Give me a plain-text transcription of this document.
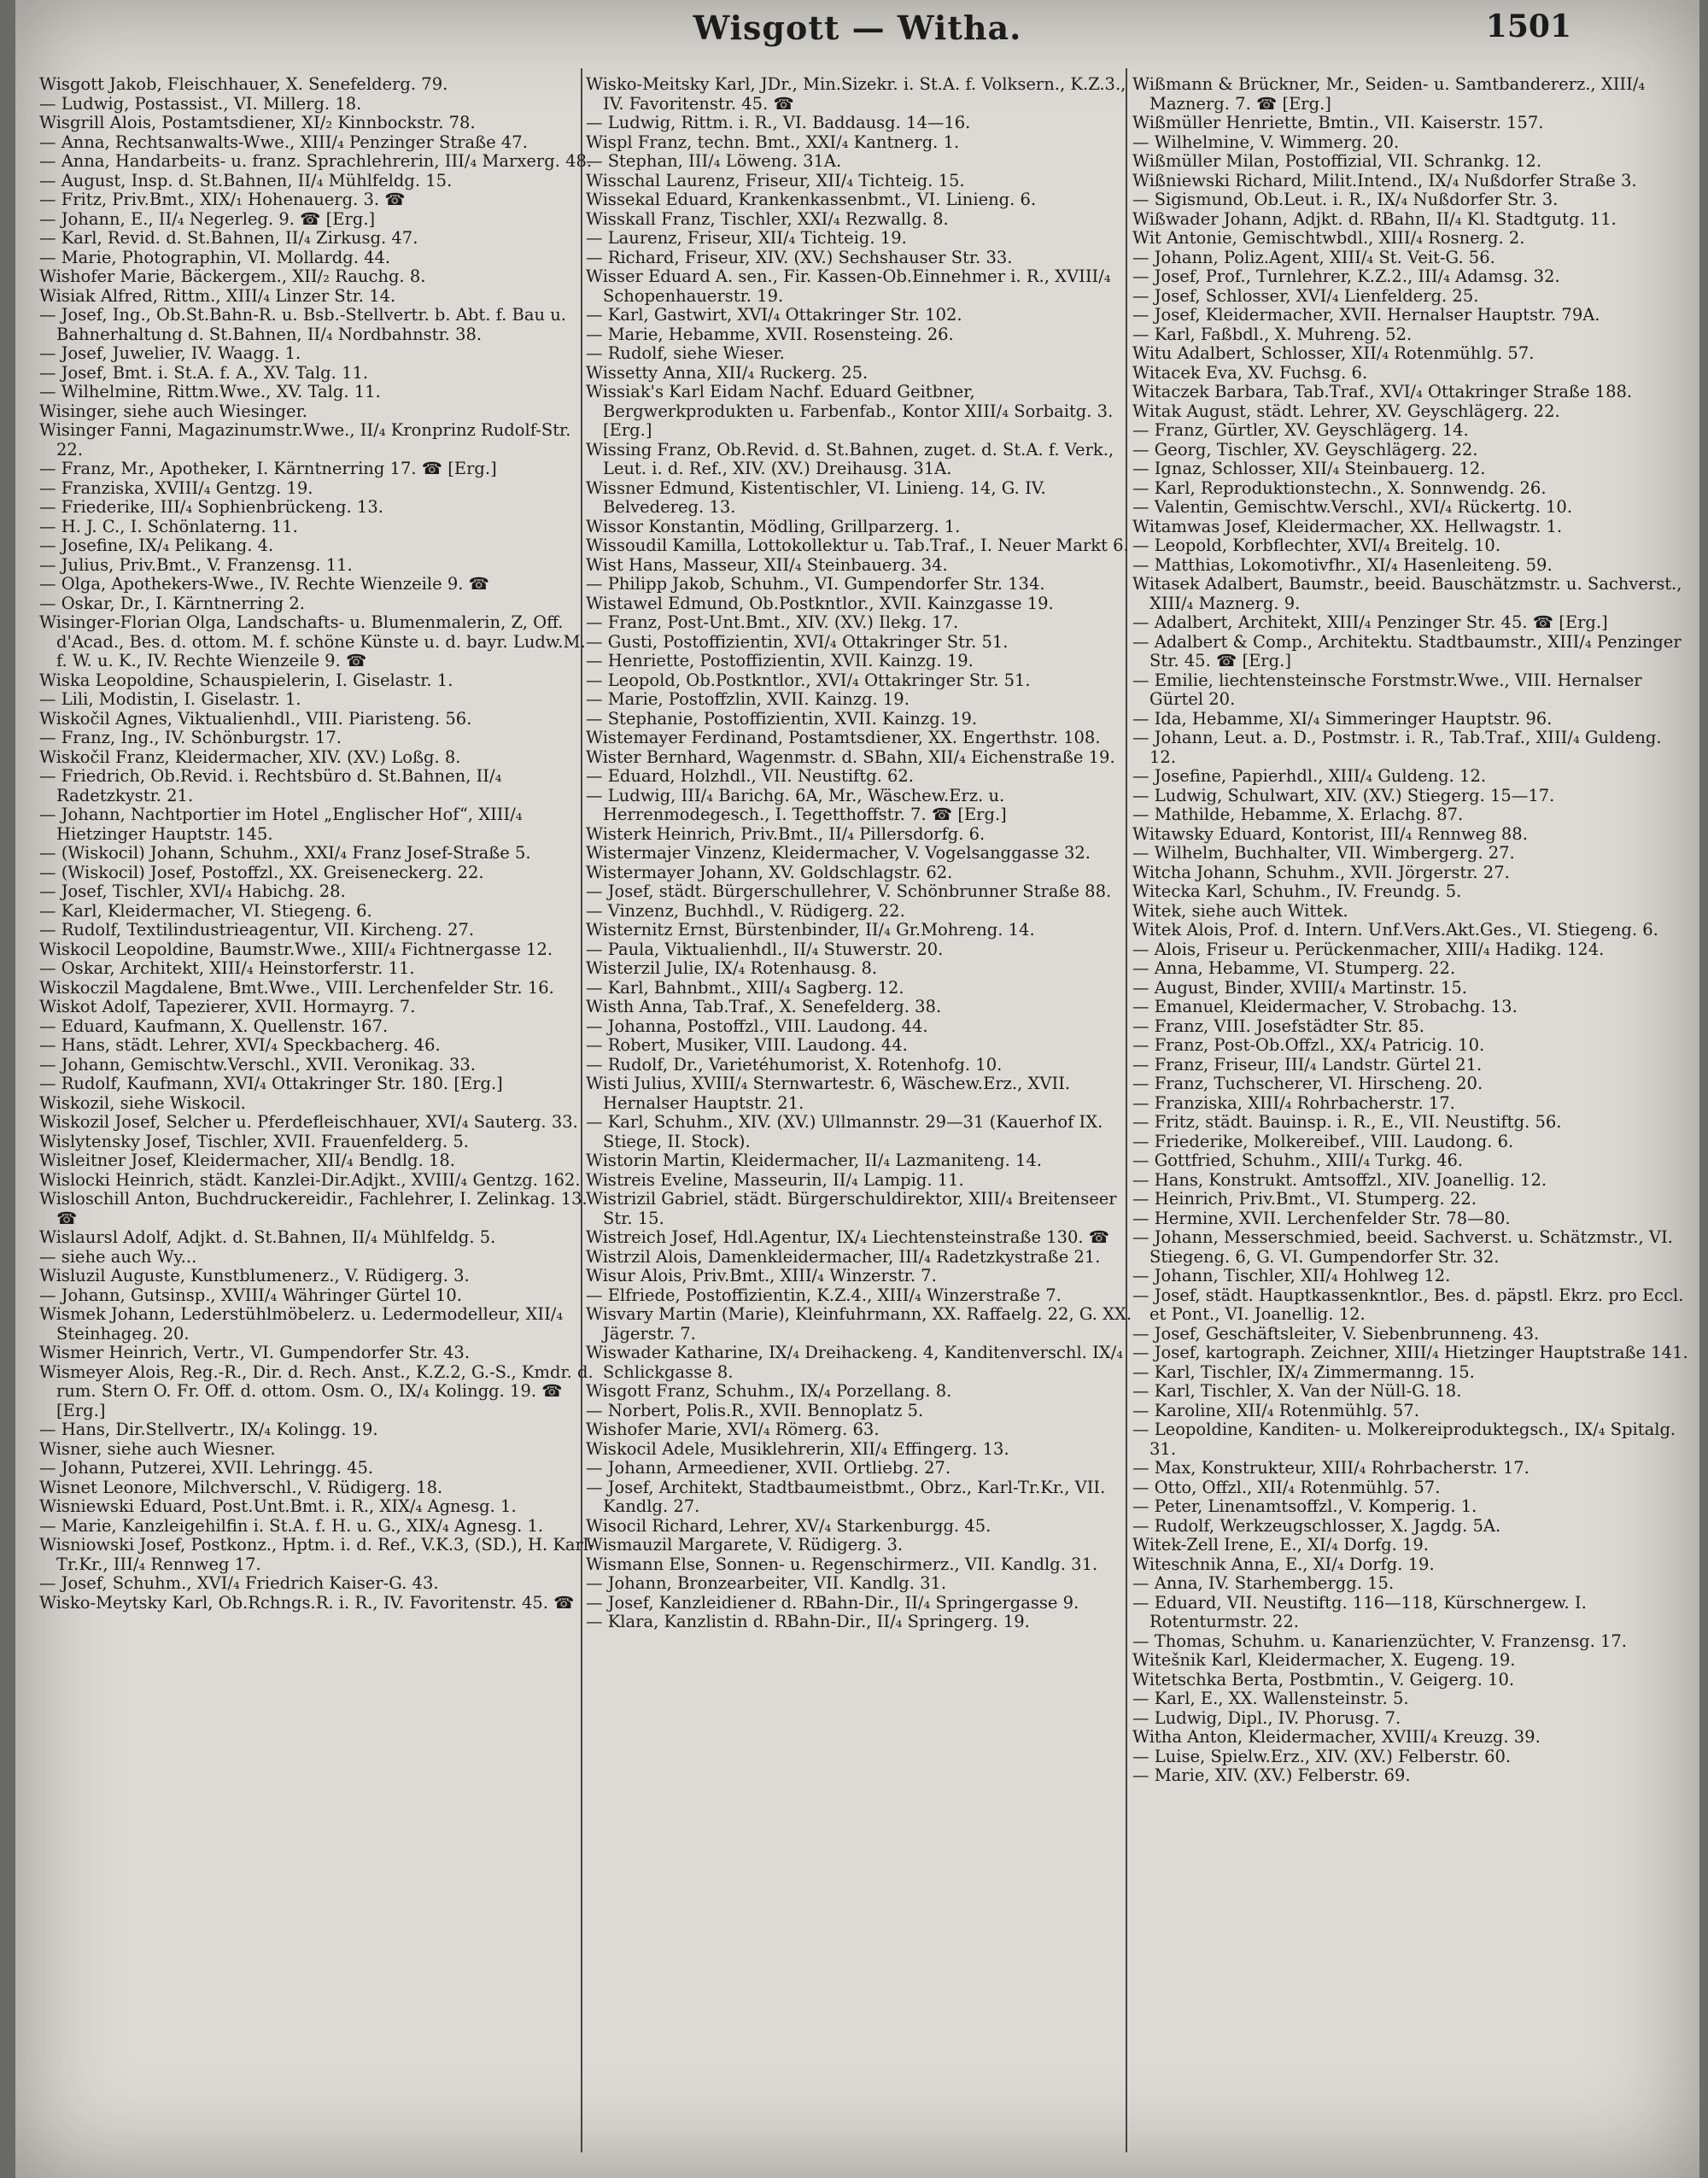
Wisgott — Witha.	1501

Wisgott Jakob, Fleischhauer, X. Senefelderg. 79.

— Ludwig, Postassist., VI. Millerg. 18.

Wisgrill Alois, Postamtsdiener, XI/₂ Kinnbockstr. 78.

— Anna, Rechtsanwalts-Wwe., XIII/₄ Penzinger Straße 47.

— Anna, Handarbeits- u. franz. Sprachlehrerin, III/₄ Marxerg. 48.

— August, Insp. d. St.Bahnen, II/₄ Mühlfeldg. 15.

— Fritz, Priv.Bmt., XIX/₁ Hohenauerg. 3. ☎

— Johann, E., II/₄ Negerleg. 9. ☎ [Erg.]

— Karl, Revid. d. St.Bahnen, II/₄ Zirkusg. 47.

— Marie, Photographin, VI. Mollardg. 44.

Wishofer Marie, Bäckergem., XII/₂ Rauchg. 8.

Wisiak Alfred, Rittm., XIII/₄ Linzer Str. 14.

— Josef, Ing., Ob.St.Bahn-R. u. Bsb.-Stellvertr. b. Abt. f. Bau u. Bahnerhaltung d. St.Bahnen, II/₄ Nordbahnstr. 38.

— Josef, Juwelier, IV. Waagg. 1.

— Josef, Bmt. i. St.A. f. A., XV. Talg. 11.

— Wilhelmine, Rittm.Wwe., XV. Talg. 11.

Wisinger, siehe auch Wiesinger.

Wisinger Fanni, Magazinumstr.Wwe., II/₄ Kronprinz Rudolf-Str. 22.

— Franz, Mr., Apotheker, I. Kärntnerring 17. ☎ [Erg.]

— Franziska, XVIII/₄ Gentzg. 19.

— Friederike, III/₄ Sophienbrückeng. 13.

— H. J. C., I. Schönlaterng. 11.

— Josefine, IX/₄ Pelikang. 4.

— Julius, Priv.Bmt., V. Franzensg. 11.

— Olga, Apothekers-Wwe., IV. Rechte Wienzeile 9. ☎

— Oskar, Dr., I. Kärntnerring 2.

Wisinger-Florian Olga, Landschafts- u. Blumenmalerin, Z, Off. d'Acad., Bes. d. ottom. M. f. schöne Künste u. d. bayr. Ludw.M. f. W. u. K., IV. Rechte Wienzeile 9. ☎

Wiska Leopoldine, Schauspielerin, I. Giselastr. 1.

— Lili, Modistin, I. Giselastr. 1.

Wiskočil Agnes, Viktualienhdl., VIII. Piaristeng. 56.

— Franz, Ing., IV. Schönburgstr. 17.

Wiskočil Franz, Kleidermacher, XIV. (XV.) Loßg. 8.

— Friedrich, Ob.Revid. i. Rechtsbüro d. St.Bahnen, II/₄ Radetzkystr. 21.

— Johann, Nachtportier im Hotel „Englischer Hof“, XIII/₄ Hietzinger Hauptstr. 145.

— (Wiskocil) Johann, Schuhm., XXI/₄ Franz Josef-Straße 5.

— (Wiskocil) Josef, Postoffzl., XX. Greiseneckerg. 22.

— Josef, Tischler, XVI/₄ Habichg. 28.

— Karl, Kleidermacher, VI. Stiegeng. 6.

— Rudolf, Textilindustrieagentur, VII. Kircheng. 27.

Wiskocil Leopoldine, Baumstr.Wwe., XIII/₄ Fichtnergasse 12.

— Oskar, Architekt, XIII/₄ Heinstorferstr. 11.

Wiskoczil Magdalene, Bmt.Wwe., VIII. Lerchenfelder Str. 16.

Wiskot Adolf, Tapezierer, XVII. Hormayrg. 7.

— Eduard, Kaufmann, X. Quellenstr. 167.

— Hans, städt. Lehrer, XVI/₄ Speckbacherg. 46.

— Johann, Gemischtw.Verschl., XVII. Veronikag. 33.

— Rudolf, Kaufmann, XVI/₄ Ottakringer Str. 180. [Erg.]

Wiskozil, siehe Wiskocil.

Wiskozil Josef, Selcher u. Pferdefleischhauer, XVI/₄ Sauterg. 33.

Wislytensky Josef, Tischler, XVII. Frauenfelderg. 5.

Wisleitner Josef, Kleidermacher, XII/₄ Bendlg. 18.

Wislocki Heinrich, städt. Kanzlei-Dir.Adjkt., XVIII/₄ Gentzg. 162.

Wisloschill Anton, Buchdruckereidir., Fachlehrer, I. Zelinkag. 13. ☎

Wislaursl Adolf, Adjkt. d. St.Bahnen, II/₄ Mühlfeldg. 5.

— siehe auch Wy...

Wisluzil Auguste, Kunstblumenerz., V. Rüdigerg. 3.

— Johann, Gutsinsp., XVIII/₄ Währinger Gürtel 10.

Wismek Johann, Lederstühlmöbelerz. u. Ledermodelleur, XII/₄ Steinhageg. 20.

Wismer Heinrich, Vertr., VI. Gumpendorfer Str. 43.

Wismeyer Alois, Reg.-R., Dir. d. Rech. Anst., K.Z.2, G.-S., Kmdr. d. rum. Stern O. Fr. Off. d. ottom. Osm. O., IX/₄ Kolingg. 19. ☎ [Erg.]

— Hans, Dir.Stellvertr., IX/₄ Kolingg. 19.

Wisner, siehe auch Wiesner.

— Johann, Putzerei, XVII. Lehringg. 45.

Wisnet Leonore, Milchverschl., V. Rüdigerg. 18.

Wisniewski Eduard, Post.Unt.Bmt. i. R., XIX/₄ Agnesg. 1.

— Marie, Kanzleigehilfin i. St.A. f. H. u. G., XIX/₄ Agnesg. 1.

Wisniowski Josef, Postkonz., Hptm. i. d. Ref., V.K.3, (SD.), H. Karl-Tr.Kr., III/₄ Rennweg 17.

— Josef, Schuhm., XVI/₄ Friedrich Kaiser-G. 43.

Wisko-Meytsky Karl, Ob.Rchngs.R. i. R., IV. Favoritenstr. 45. ☎

Wisko-Meitsky Karl, JDr., Min.Sizekr. i. St.A. f. Volksern., K.Z.3., IV. Favoritenstr. 45. ☎

— Ludwig, Rittm. i. R., VI. Baddausg. 14—16.

Wispl Franz, techn. Bmt., XXI/₄ Kantnerg. 1.

— Stephan, III/₄ Löweng. 31A.

Wisschal Laurenz, Friseur, XII/₄ Tichteig. 15.

Wissekal Eduard, Krankenkassenbmt., VI. Linieng. 6.

Wisskall Franz, Tischler, XXI/₄ Rezwallg. 8.

— Laurenz, Friseur, XII/₄ Tichteig. 19.

— Richard, Friseur, XIV. (XV.) Sechshauser Str. 33.

Wisser Eduard A. sen., Fir. Kassen-Ob.Einnehmer i. R., XVIII/₄ Schopenhauerstr. 19.

— Karl, Gastwirt, XVI/₄ Ottakringer Str. 102.

— Marie, Hebamme, XVII. Rosensteing. 26.

— Rudolf, siehe Wieser.

Wissetty Anna, XII/₄ Ruckerg. 25.

Wissiak's Karl Eidam Nachf. Eduard Geitbner, Bergwerkprodukten u. Farbenfab., Kontor XIII/₄ Sorbaitg. 3. [Erg.]

Wissing Franz, Ob.Revid. d. St.Bahnen, zuget. d. St.A. f. Verk., Leut. i. d. Ref., XIV. (XV.) Dreihausg. 31A.

Wissner Edmund, Kistentischler, VI. Linieng. 14, G. IV. Belvedereg. 13.

Wissor Konstantin, Mödling, Grillparzerg. 1.

Wissoudil Kamilla, Lottokollektur u. Tab.Traf., I. Neuer Markt 6.

Wist Hans, Masseur, XII/₄ Steinbauerg. 34.

— Philipp Jakob, Schuhm., VI. Gumpendorfer Str. 134.

Wistawel Edmund, Ob.Postkntlor., XVII. Kainzgasse 19.

— Franz, Post-Unt.Bmt., XIV. (XV.) Ilekg. 17.

— Gusti, Postoffizientin, XVI/₄ Ottakringer Str. 51.

— Henriette, Postoffizientin, XVII. Kainzg. 19.

— Leopold, Ob.Postkntlor., XVI/₄ Ottakringer Str. 51.

— Marie, Postoffzlin, XVII. Kainzg. 19.

— Stephanie, Postoffizientin, XVII. Kainzg. 19.

Wistemayer Ferdinand, Postamtsdiener, XX. Engerthstr. 108.

Wister Bernhard, Wagenmstr. d. SBahn, XII/₄ Eichenstraße 19.

— Eduard, Holzhdl., VII. Neustiftg. 62.

— Ludwig, III/₄ Barichg. 6A, Mr., Wäschew.Erz. u. Herrenmodegesch., I. Tegetthoffstr. 7. ☎ [Erg.]

Wisterk Heinrich, Priv.Bmt., II/₄ Pillersdorfg. 6.

Wistermajer Vinzenz, Kleidermacher, V. Vogelsanggasse 32.

Wistermayer Johann, XV. Goldschlagstr. 62.

— Josef, städt. Bürgerschullehrer, V. Schönbrunner Straße 88.

— Vinzenz, Buchhdl., V. Rüdigerg. 22.

Wisternitz Ernst, Bürstenbinder, II/₄ Gr.Mohreng. 14.

— Paula, Viktualienhdl., II/₄ Stuwerstr. 20.

Wisterzil Julie, IX/₄ Rotenhausg. 8.

— Karl, Bahnbmt., XIII/₄ Sagberg. 12.

Wisth Anna, Tab.Traf., X. Senefelderg. 38.

— Johanna, Postoffzl., VIII. Laudong. 44.

— Robert, Musiker, VIII. Laudong. 44.

— Rudolf, Dr., Varietéhumorist, X. Rotenhofg. 10.

Wisti Julius, XVIII/₄ Sternwartestr. 6, Wäschew.Erz., XVII. Hernalser Hauptstr. 21.

— Karl, Schuhm., XIV. (XV.) Ullmannstr. 29—31 (Kauerhof IX. Stiege, II. Stock).

Wistorin Martin, Kleidermacher, II/₄ Lazmaniteng. 14.

Wistreis Eveline, Masseurin, II/₄ Lampig. 11.

Wistrizil Gabriel, städt. Bürgerschuldirektor, XIII/₄ Breitenseer Str. 15.

Wistreich Josef, Hdl.Agentur, IX/₄ Liechtensteinstraße 130. ☎

Wistrzil Alois, Damenkleidermacher, III/₄ Radetzkystraße 21.

Wisur Alois, Priv.Bmt., XIII/₄ Winzerstr. 7.

— Elfriede, Postoffizientin, K.Z.4., XIII/₄ Winzerstraße 7.

Wisvary Martin (Marie), Kleinfuhrmann, XX. Raffaelg. 22, G. XX. Jägerstr. 7.

Wiswader Katharine, IX/₄ Dreihackeng. 4, Kanditenverschl. IX/₄ Schlickgasse 8.

Wisgott Franz, Schuhm., IX/₄ Porzellang. 8.

— Norbert, Polis.R., XVII. Bennoplatz 5.

Wishofer Marie, XVI/₄ Römerg. 63.

Wiskocil Adele, Musiklehrerin, XII/₄ Effingerg. 13.

— Johann, Armeediener, XVII. Ortliebg. 27.

— Josef, Architekt, Stadtbaumeistbmt., Obrz., Karl-Tr.Kr., VII. Kandlg. 27.

Wisocil Richard, Lehrer, XV/₄ Starkenburgg. 45.

Wismauzil Margarete, V. Rüdigerg. 3.

Wismann Else, Sonnen- u. Regenschirmerz., VII. Kandlg. 31.

— Johann, Bronzearbeiter, VII. Kandlg. 31.

— Josef, Kanzleidiener d. RBahn-Dir., II/₄ Springergasse 9.

— Klara, Kanzlistin d. RBahn-Dir., II/₄ Springerg. 19.

Wißmann & Brückner, Mr., Seiden- u. Samtbandererz., XIII/₄ Maznerg. 7. ☎ [Erg.]

Wißmüller Henriette, Bmtin., VII. Kaiserstr. 157.

— Wilhelmine, V. Wimmerg. 20.

Wißmüller Milan, Postoffizial, VII. Schrankg. 12.

Wißniewski Richard, Milit.Intend., IX/₄ Nußdorfer Straße 3.

— Sigismund, Ob.Leut. i. R., IX/₄ Nußdorfer Str. 3.

Wißwader Johann, Adjkt. d. RBahn, II/₄ Kl. Stadtgutg. 11.

Wit Antonie, Gemischtwbdl., XIII/₄ Rosnerg. 2.

— Johann, Poliz.Agent, XIII/₄ St. Veit-G. 56.

— Josef, Prof., Turnlehrer, K.Z.2., III/₄ Adamsg. 32.

— Josef, Schlosser, XVI/₄ Lienfelderg. 25.

— Josef, Kleidermacher, XVII. Hernalser Hauptstr. 79A.

— Karl, Faßbdl., X. Muhreng. 52.

Witu Adalbert, Schlosser, XII/₄ Rotenmühlg. 57.

Witacek Eva, XV. Fuchsg. 6.

Witaczek Barbara, Tab.Traf., XVI/₄ Ottakringer Straße 188.

Witak August, städt. Lehrer, XV. Geyschlägerg. 22.

— Franz, Gürtler, XV. Geyschlägerg. 14.

— Georg, Tischler, XV. Geyschlägerg. 22.

— Ignaz, Schlosser, XII/₄ Steinbauerg. 12.

— Karl, Reproduktionstechn., X. Sonnwendg. 26.

— Valentin, Gemischtw.Verschl., XVI/₄ Rückertg. 10.

Witamwas Josef, Kleidermacher, XX. Hellwagstr. 1.

— Leopold, Korbflechter, XVI/₄ Breitelg. 10.

— Matthias, Lokomotivfhr., XI/₄ Hasenleiteng. 59.

Witasek Adalbert, Baumstr., beeid. Bauschätzmstr. u. Sachverst., XIII/₄ Maznerg. 9.

— Adalbert, Architekt, XIII/₄ Penzinger Str. 45. ☎ [Erg.]

— Adalbert & Comp., Architektu. Stadtbaumstr., XIII/₄ Penzinger Str. 45. ☎ [Erg.]

— Emilie, liechtensteinsche Forstmstr.Wwe., VIII. Hernalser Gürtel 20.

— Ida, Hebamme, XI/₄ Simmeringer Hauptstr. 96.

— Johann, Leut. a. D., Postmstr. i. R., Tab.Traf., XIII/₄ Guldeng. 12.

— Josefine, Papierhdl., XIII/₄ Guldeng. 12.

— Ludwig, Schulwart, XIV. (XV.) Stiegerg. 15—17.

— Mathilde, Hebamme, X. Erlachg. 87.

Witawsky Eduard, Kontorist, III/₄ Rennweg 88.

— Wilhelm, Buchhalter, VII. Wimbergerg. 27.

Witcha Johann, Schuhm., XVII. Jörgerstr. 27.

Witecka Karl, Schuhm., IV. Freundg. 5.

Witek, siehe auch Wittek.

Witek Alois, Prof. d. Intern. Unf.Vers.Akt.Ges., VI. Stiegeng. 6.

— Alois, Friseur u. Perückenmacher, XIII/₄ Hadikg. 124.

— Anna, Hebamme, VI. Stumperg. 22.

— August, Binder, XVIII/₄ Martinstr. 15.

— Emanuel, Kleidermacher, V. Strobachg. 13.

— Franz, VIII. Josefstädter Str. 85.

— Franz, Post-Ob.Offzl., XX/₄ Patricig. 10.

— Franz, Friseur, III/₄ Landstr. Gürtel 21.

— Franz, Tuchscherer, VI. Hirscheng. 20.

— Franziska, XIII/₄ Rohrbacherstr. 17.

— Fritz, städt. Bauinsp. i. R., E., VII. Neustiftg. 56.

— Friederike, Molkereibef., VIII. Laudong. 6.

— Gottfried, Schuhm., XIII/₄ Turkg. 46.

— Hans, Konstrukt. Amtsoffzl., XIV. Joanellig. 12.

— Heinrich, Priv.Bmt., VI. Stumperg. 22.

— Hermine, XVII. Lerchenfelder Str. 78—80.

— Johann, Messerschmied, beeid. Sachverst. u. Schätzmstr., VI. Stiegeng. 6, G. VI. Gumpendorfer Str. 32.

— Johann, Tischler, XII/₄ Hohlweg 12.

— Josef, städt. Hauptkassenkntlor., Bes. d. päpstl. Ekrz. pro Eccl. et Pont., VI. Joanellig. 12.

— Josef, Geschäftsleiter, V. Siebenbrunneng. 43.

— Josef, kartograph. Zeichner, XIII/₄ Hietzinger Hauptstraße 141.

— Karl, Tischler, IX/₄ Zimmermanng. 15.

— Karl, Tischler, X. Van der Nüll-G. 18.

— Karoline, XII/₄ Rotenmühlg. 57.

— Leopoldine, Kanditen- u. Molkereiproduktegsch., IX/₄ Spitalg. 31.

— Max, Konstrukteur, XIII/₄ Rohrbacherstr. 17.

— Otto, Offzl., XII/₄ Rotenmühlg. 57.

— Peter, Linenamtsoffzl., V. Komperig. 1.

— Rudolf, Werkzeugschlosser, X. Jagdg. 5A.

Witek-Zell Irene, E., XI/₄ Dorfg. 19.

Witeschnik Anna, E., XI/₄ Dorfg. 19.

— Anna, IV. Starhembergg. 15.

— Eduard, VII. Neustiftg. 116—118, Kürschnergew. I. Rotenturmstr. 22.

— Thomas, Schuhm. u. Kanarienzüchter, V. Franzensg. 17.

Witešnik Karl, Kleidermacher, X. Eugeng. 19.

Witetschka Berta, Postbmtin., V. Geigerg. 10.

— Karl, E., XX. Wallensteinstr. 5.

— Ludwig, Dipl., IV. Phorusg. 7.

Witha Anton, Kleidermacher, XVIII/₄ Kreuzg. 39.

— Luise, Spielw.Erz., XIV. (XV.) Felberstr. 60.

— Marie, XIV. (XV.) Felberstr. 69.
